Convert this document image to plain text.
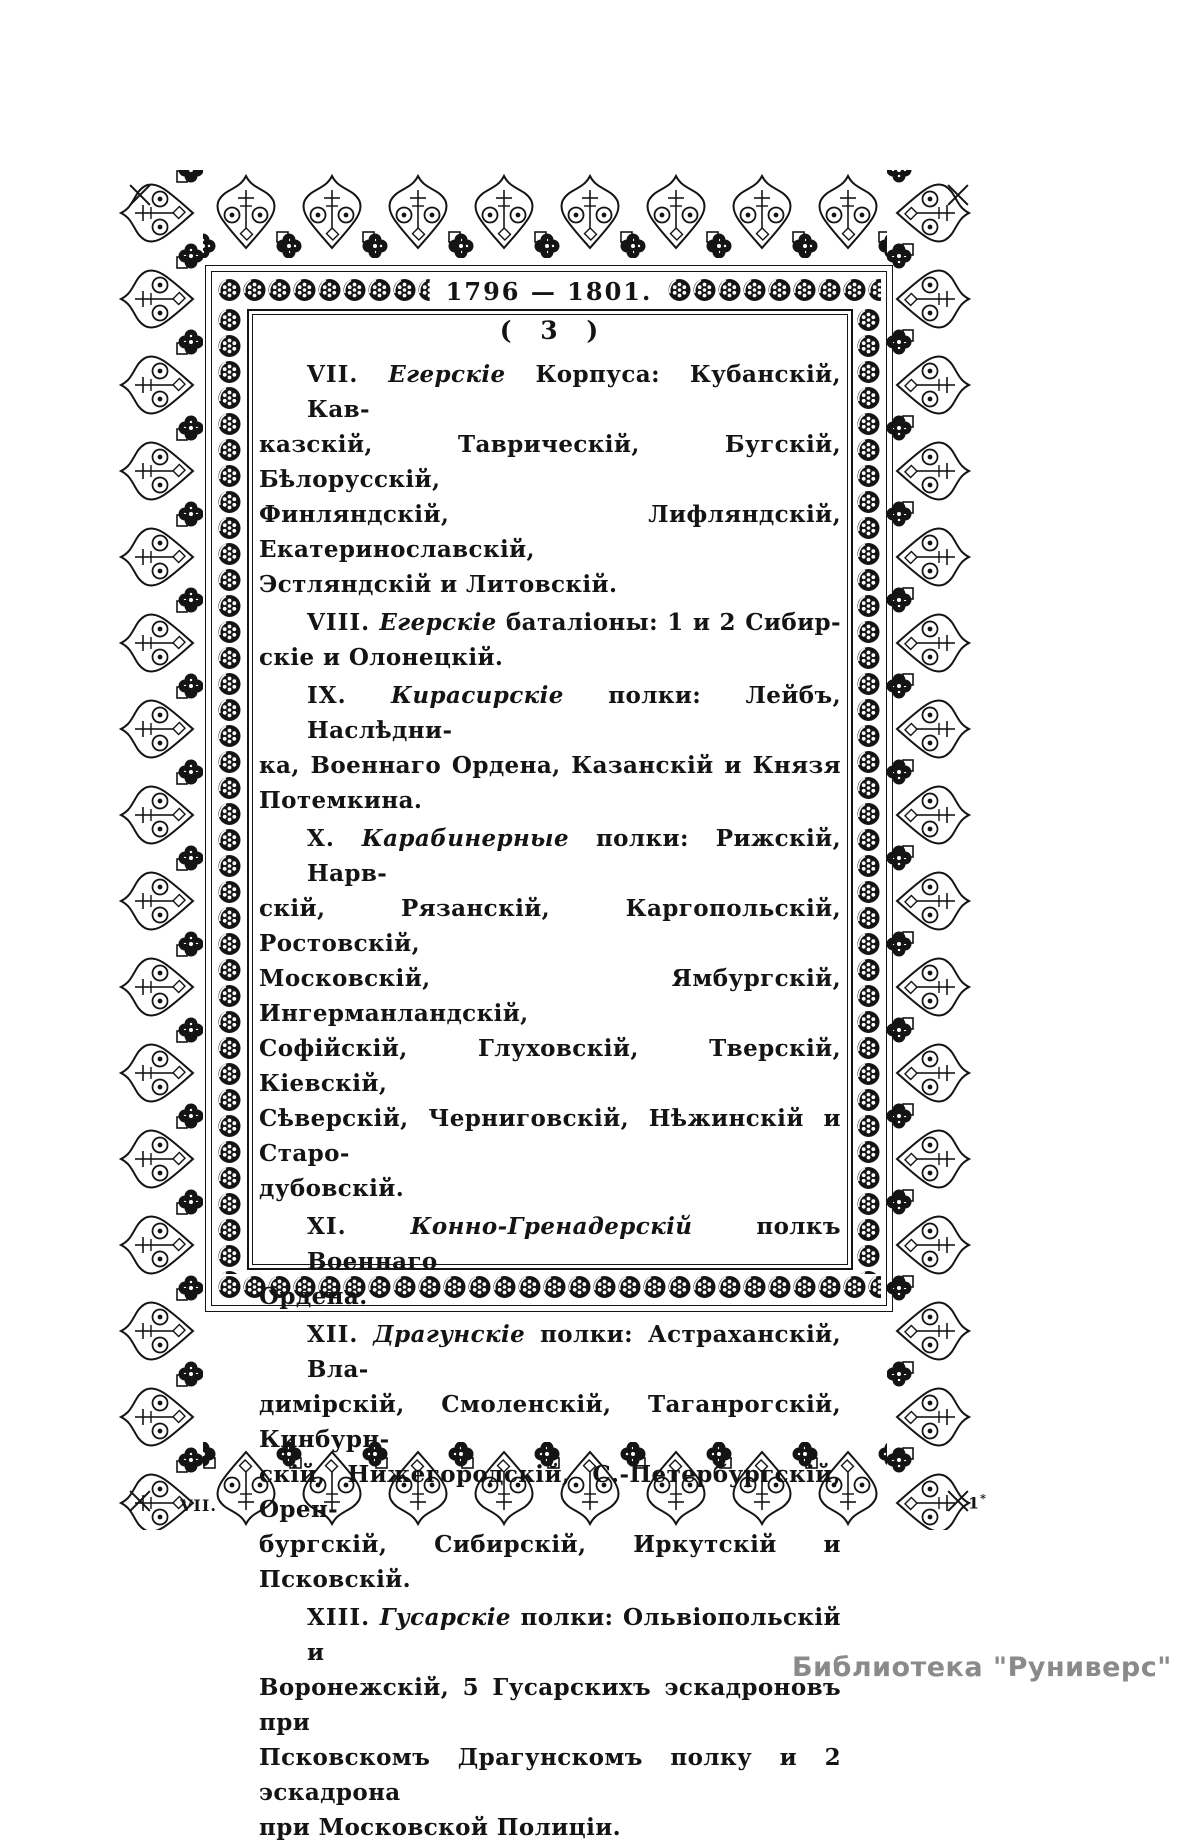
1796 — 1801.
( 3 )
VII. Егерскіе Корпуса: Кубанскій, Кав-
казскій, Таврическій, Бугскій, Бѣлорусскій,
Финляндскій, Лифляндскій, Екатеринославскій,
Эстляндскій и Литовскій.
VIII. Егерскіе баталіоны: 1 и 2 Сибир-
скіе и Олонецкій.
IX. Кирасирскіе полки: Лейбъ, Наслѣдни-
ка, Военнаго Ордена, Казанскій и Князя
Потемкина.
X. Карабинерные полки: Рижскій, Нарв-
скій, Рязанскій, Каргопольскій, Ростовскій,
Московскій, Ямбургскій, Ингерманландскій,
Софійскій, Глуховскій, Тверскій, Кіевскій,
Сѣверскій, Черниговскій, Нѣжинскій и Старо-
дубовскій.
XI.	Конно-Гренадерскій	полкъ Военнаго
Ордена.
XII. Драгунскіе полки: Астраханскій, Вла-
димірскій, Смоленскій, Таганрогскій, Кинбурн-
скій, Нижегородскій, С.-Петербургскій, Орен-
бургскій, Сибирскій, Иркутскій и Псковскій.
XIII. Гусарскіе полки: Ольвіопольскій и
Воронежскій, 5 Гусарскихъ эскадроновъ при
Псковскомъ Драгунскомъ полку и 2 эскадрона
при Московской Полиціи.
VII.	1*
Библиотека "Руниверс"
